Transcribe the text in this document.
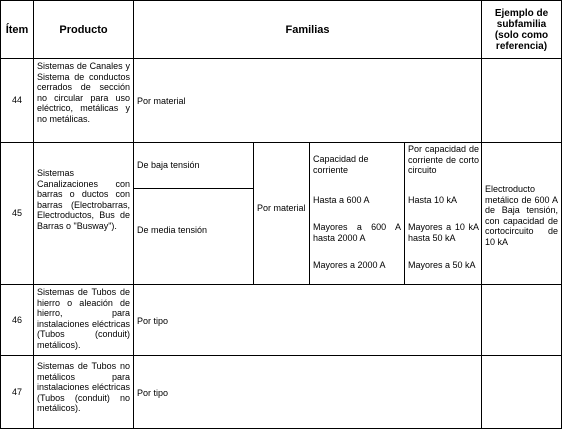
Ítem	Producto	Familias
Ejemplo de subfamilia (solo como referencia)
44
Sistemas de Canales y Sistema de conductos cerrados de sección no circular para uso eléctrico, metálicas y no metálicas.
Por material
45
Sistemas Canalizaciones con barras o ductos con barras (Electrobarras, Electroductos, Bus de Barras o "Busway").
De baja tensión
De media tensión
Por material
Capacidad de corriente
Hasta a 600 A
Mayores a 600 A hasta 2000 A
Mayores a 2000 A
Por capacidad de corriente de corto circuito
Hasta 10 kA
Mayores a 10 kA hasta 50 kA
Mayores a 50 kA
Electroducto metálico de 600 A de Baja tensión, con capacidad de cortocircuito de 10 kA
46
Sistemas de Tubos de hierro o aleación de hierro, para instalaciones eléctricas (Tubos (conduit) metálicos).
Por tipo
47
Sistemas de Tubos no metálicos para instalaciones eléctricas (Tubos (conduit) no metálicos).
Por tipo
